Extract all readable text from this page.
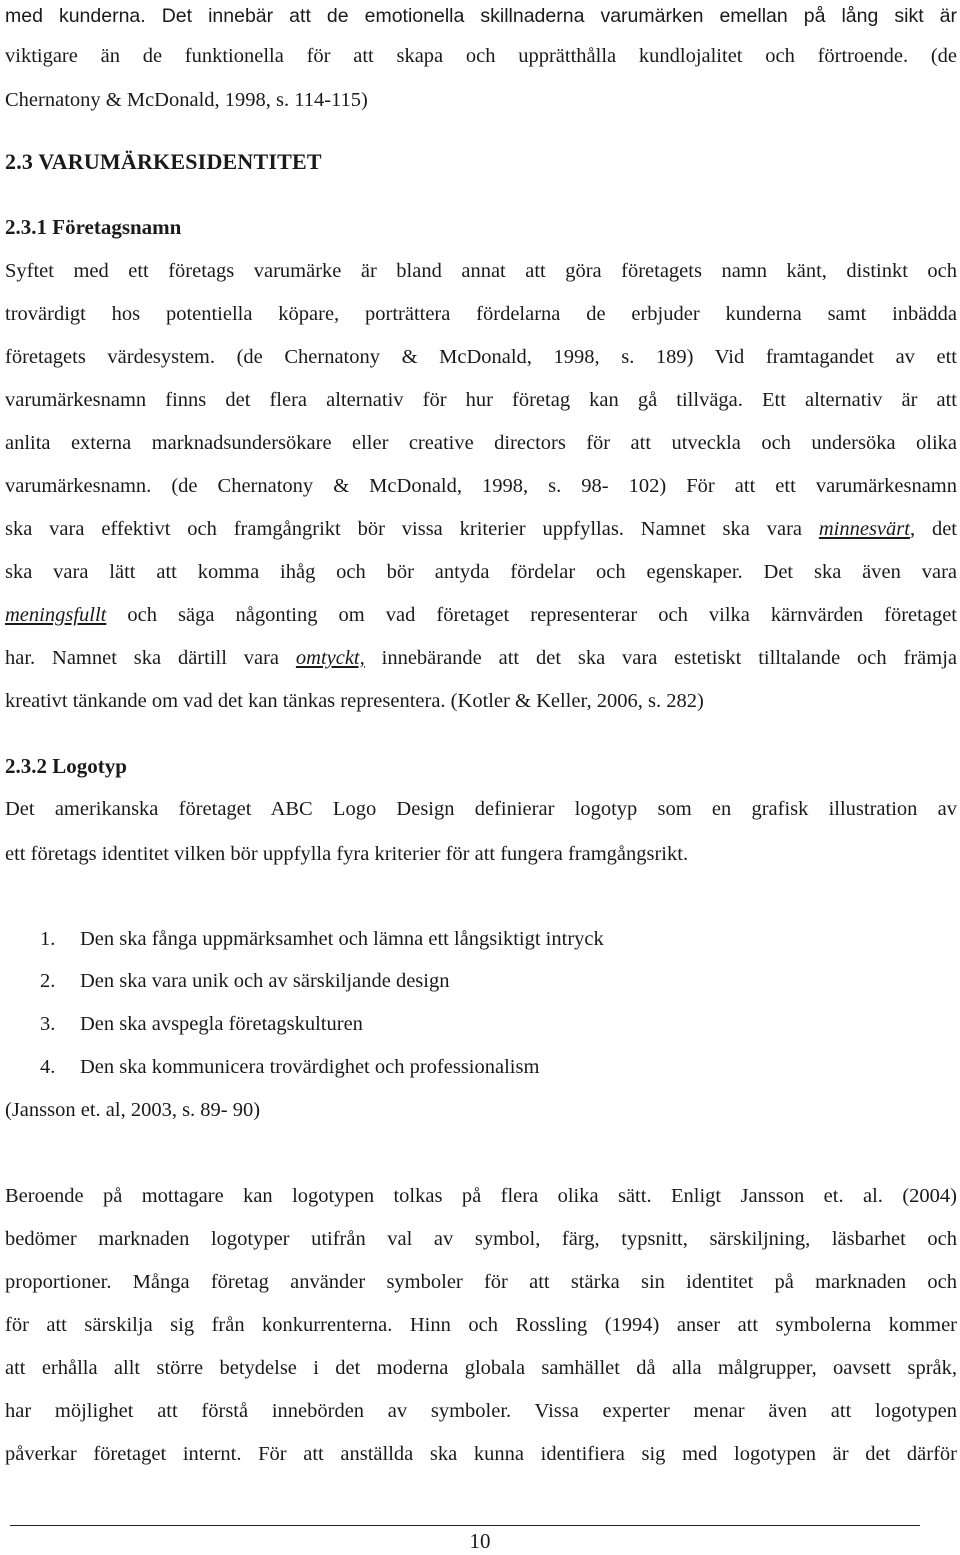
med kunderna. Det innebär att de emotionella skillnaderna varumärken emellan på lång sikt är
viktigare än de funktionella för att skapa och upprätthålla kundlojalitet och förtroende. (de
Chernatony & McDonald, 1998, s. 114-115)
2.3 VARUMÄRKESIDENTITET
2.3.1 Företagsnamn
Syftet med ett företags varumärke är bland annat att göra företagets namn känt, distinkt och
trovärdigt hos potentiella köpare, porträttera fördelarna de erbjuder kunderna samt inbädda
företagets värdesystem. (de Chernatony & McDonald, 1998, s. 189) Vid framtagandet av ett
varumärkesnamn finns det flera alternativ för hur företag kan gå tillväga. Ett alternativ är att
anlita externa marknadsundersökare eller creative directors för att utveckla och undersöka olika
varumärkesnamn. (de Chernatony & McDonald, 1998, s. 98- 102) För att ett varumärkesnamn
ska vara effektivt och framgångrikt bör vissa kriterier uppfyllas. Namnet ska vara minnesvärt, det
ska vara lätt att komma ihåg och bör antyda fördelar och egenskaper. Det ska även vara
meningsfullt och säga någonting om vad företaget representerar och vilka kärnvärden företaget
har. Namnet ska därtill vara omtyckt, innebärande att det ska vara estetiskt tilltalande och främja
kreativt tänkande om vad det kan tänkas representera. (Kotler & Keller, 2006, s. 282)
2.3.2 Logotyp
Det amerikanska företaget ABC Logo Design definierar logotyp som en grafisk illustration av
ett företags identitet vilken bör uppfylla fyra kriterier för att fungera framgångsrikt.
1. Den ska fånga uppmärksamhet och lämna ett långsiktigt intryck
2. Den ska vara unik och av särskiljande design
3. Den ska avspegla företagskulturen
4. Den ska kommunicera trovärdighet och professionalism
(Jansson et. al, 2003, s. 89- 90)
Beroende på mottagare kan logotypen tolkas på flera olika sätt. Enligt Jansson et. al. (2004)
bedömer marknaden logotyper utifrån val av symbol, färg, typsnitt, särskiljning, läsbarhet och
proportioner. Många företag använder symboler för att stärka sin identitet på marknaden och
för att särskilja sig från konkurrenterna. Hinn och Rossling (1994) anser att symbolerna kommer
att erhålla allt större betydelse i det moderna globala samhället då alla målgrupper, oavsett språk,
har möjlighet att förstå innebörden av symboler. Vissa experter menar även att logotypen
påverkar företaget internt. För att anställda ska kunna identifiera sig med logotypen är det därför
10
